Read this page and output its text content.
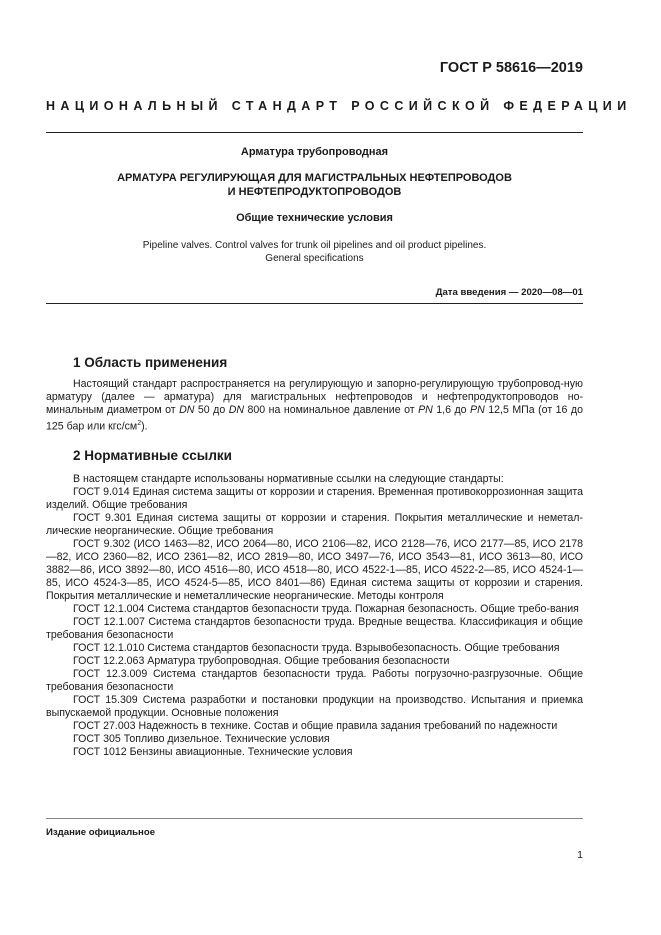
ГОСТ Р 58616—2019
НАЦИОНАЛЬНЫЙ СТАНДАРТ РОССИЙСКОЙ ФЕДЕРАЦИИ
Арматура трубопроводная
АРМАТУРА РЕГУЛИРУЮЩАЯ ДЛЯ МАГИСТРАЛЬНЫХ НЕФТЕПРОВОДОВ
И НЕФТЕПРОДУКТОПРОВОДОВ
Общие технические условия
Pipeline valves. Control valves for trunk oil pipelines and oil product pipelines.
General specifications
Дата введения — 2020—08—01
1 Область применения
Настоящий стандарт распространяется на регулирующую и запорно-регулирующую трубопровод-ную арматуру (далее — арматура) для магистральных нефтепроводов и нефтепродуктопроводов но-минальным диаметром от DN 50 до DN 800 на номинальное давление от PN 1,6 до PN 12,5 МПа (от 16 до 125 бар или кгс/$см^2$).
2 Нормативные ссылки

В настоящем стандарте использованы нормативные ссылки на следующие стандарты:

ГОСТ 9.014 Единая система защиты от коррозии и старения. Временная противокоррозионная защита изделий. Общие требования

ГОСТ 9.301 Единая система защиты от коррозии и старения. Покрытия металлические и неметал-лические неорганические. Общие требования

ГОСТ 9.302 (ИСО 1463—82, ИСО 2064—80, ИСО 2106—82, ИСО 2128—76, ИСО 2177—85, ИСО 2178—82, ИСО 2360—82, ИСО 2361—82, ИСО 2819—80, ИСО 3497—76, ИСО 3543—81, ИСО 3613—80, ИСО 3882—86, ИСО 3892—80, ИСО 4516—80, ИСО 4518—80, ИСО 4522-1—85, ИСО 4522-2—85, ИСО 4524-1—85, ИСО 4524-3—85, ИСО 4524-5—85, ИСО 8401—86) Единая система защиты от коррозии и старения. Покрытия металлические и неметаллические неорганические. Методы контроля

ГОСТ 12.1.004 Система стандартов безопасности труда. Пожарная безопасность. Общие требо-вания

ГОСТ 12.1.007 Система стандартов безопасности труда. Вредные вещества. Классификация и общие требования безопасности

ГОСТ 12.1.010 Система стандартов безопасности труда. Взрывобезопасность. Общие требования

ГОСТ 12.2.063 Арматура трубопроводная. Общие требования безопасности

ГОСТ 12.3.009 Система стандартов безопасности труда. Работы погрузочно-разгрузочные. Общие требования безопасности

ГОСТ 15.309 Система разработки и постановки продукции на производство. Испытания и приемка выпускаемой продукции. Основные положения

ГОСТ 27.003 Надежность в технике. Состав и общие правила задания требований по надежности

ГОСТ 305 Топливо дизельное. Технические условия

ГОСТ 1012 Бензины авиационные. Технические условия

Издание официальное
1
